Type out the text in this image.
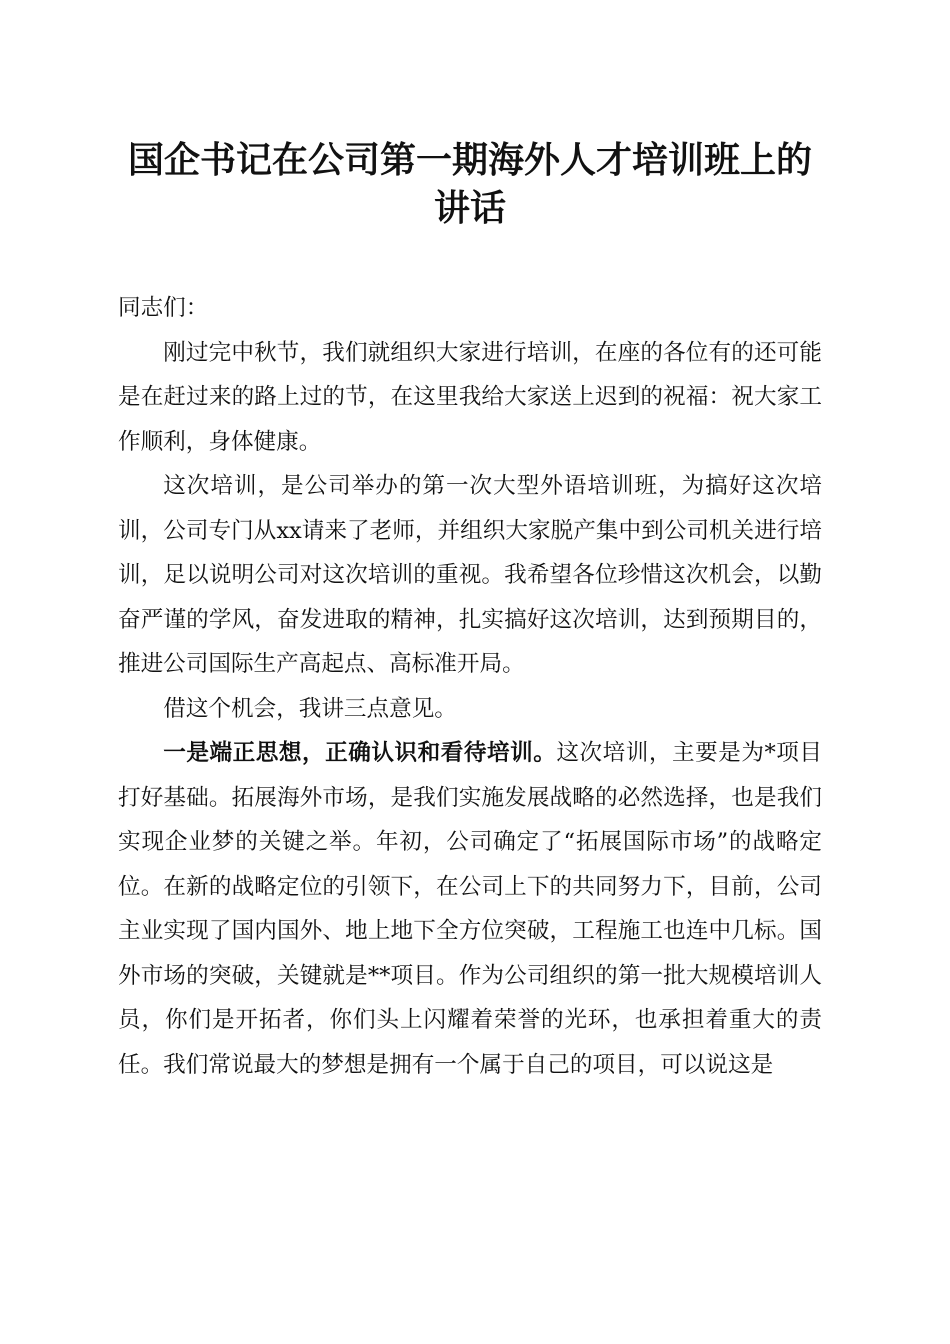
国企书记在公司第一期海外人才培训班上的讲话

同志们：

刚过完中秋节，我们就组织大家进行培训，在座的各位有的还可能是在赶过来的路上过的节，在这里我给大家送上迟到的祝福：祝大家工作顺利，身体健康。

这次培训，是公司举办的第一次大型外语培训班，为搞好这次培训，公司专门从xx请来了老师，并组织大家脱产集中到公司机关进行培训，足以说明公司对这次培训的重视。我希望各位珍惜这次机会，以勤奋严谨的学风，奋发进取的精神，扎实搞好这次培训，达到预期目的，推进公司国际生产高起点、高标准开局。

借这个机会，我讲三点意见。

一是端正思想，正确认识和看待培训。这次培训，主要是为*项目打好基础。拓展海外市场，是我们实施发展战略的必然选择，也是我们实现企业梦的关键之举。年初，公司确定了“拓展国际市场”的战略定位。在新的战略定位的引领下，在公司上下的共同努力下，目前，公司主业实现了国内国外、地上地下全方位突破，工程施工也连中几标。国外市场的突破，关键就是**项目。作为公司组织的第一批大规模培训人员，你们是开拓者，你们头上闪耀着荣誉的光环，也承担着重大的责任。我们常说最大的梦想是拥有一个属于自己的项目，可以说这是
